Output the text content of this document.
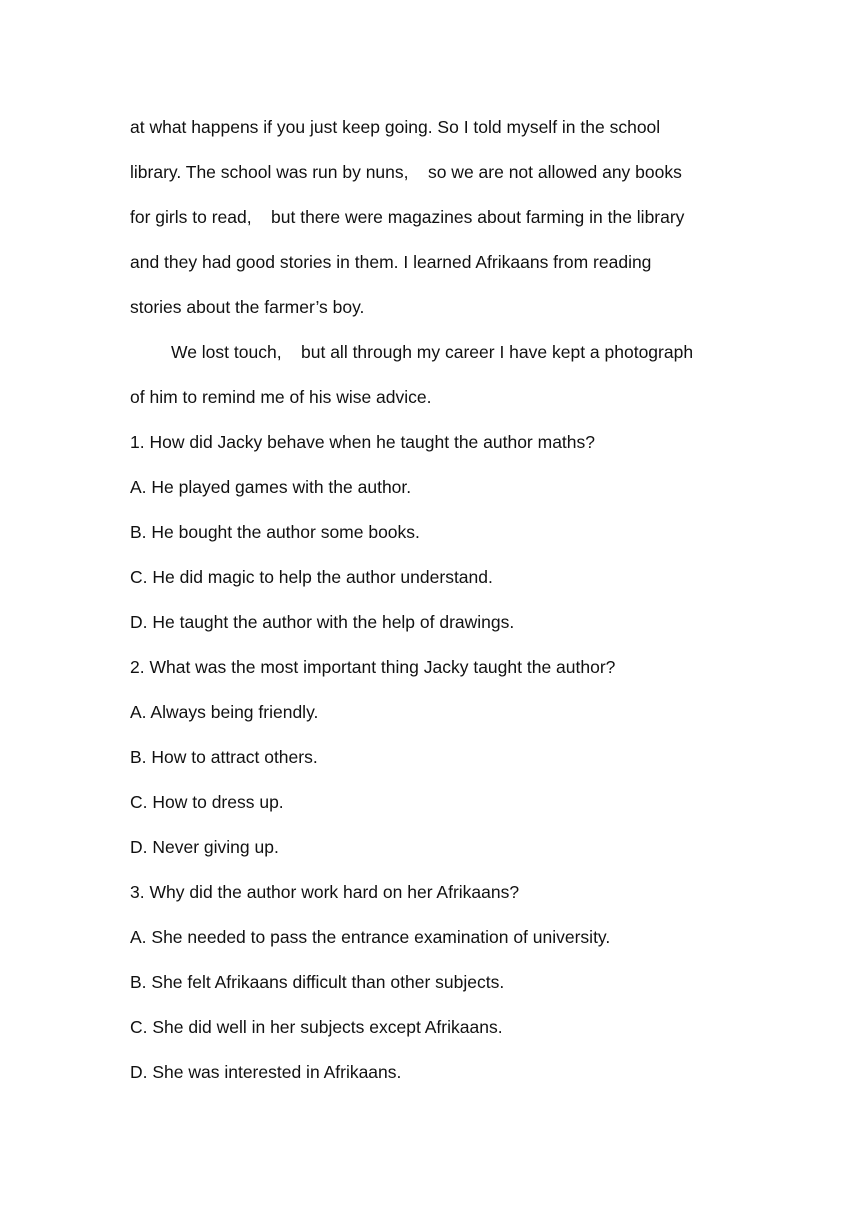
at what happens if you just keep going. So I told myself in the school

library. The school was run by nuns,    so we are not allowed any books

for girls to read,    but there were magazines about farming in the library

and they had good stories in them. I learned Afrikaans from reading

stories about the farmer’s boy.

We lost touch,    but all through my career I have kept a photograph

of him to remind me of his wise advice.

1. How did Jacky behave when he taught the author maths?

A. He played games with the author.

B. He bought the author some books.

C. He did magic to help the author understand.

D. He taught the author with the help of drawings.

2. What was the most important thing Jacky taught the author?

A. Always being friendly.

B. How to attract others.

C. How to dress up.

D. Never giving up.

3. Why did the author work hard on her Afrikaans?

A. She needed to pass the entrance examination of university.

B. She felt Afrikaans difficult than other subjects.

C. She did well in her subjects except Afrikaans.

D. She was interested in Afrikaans.
